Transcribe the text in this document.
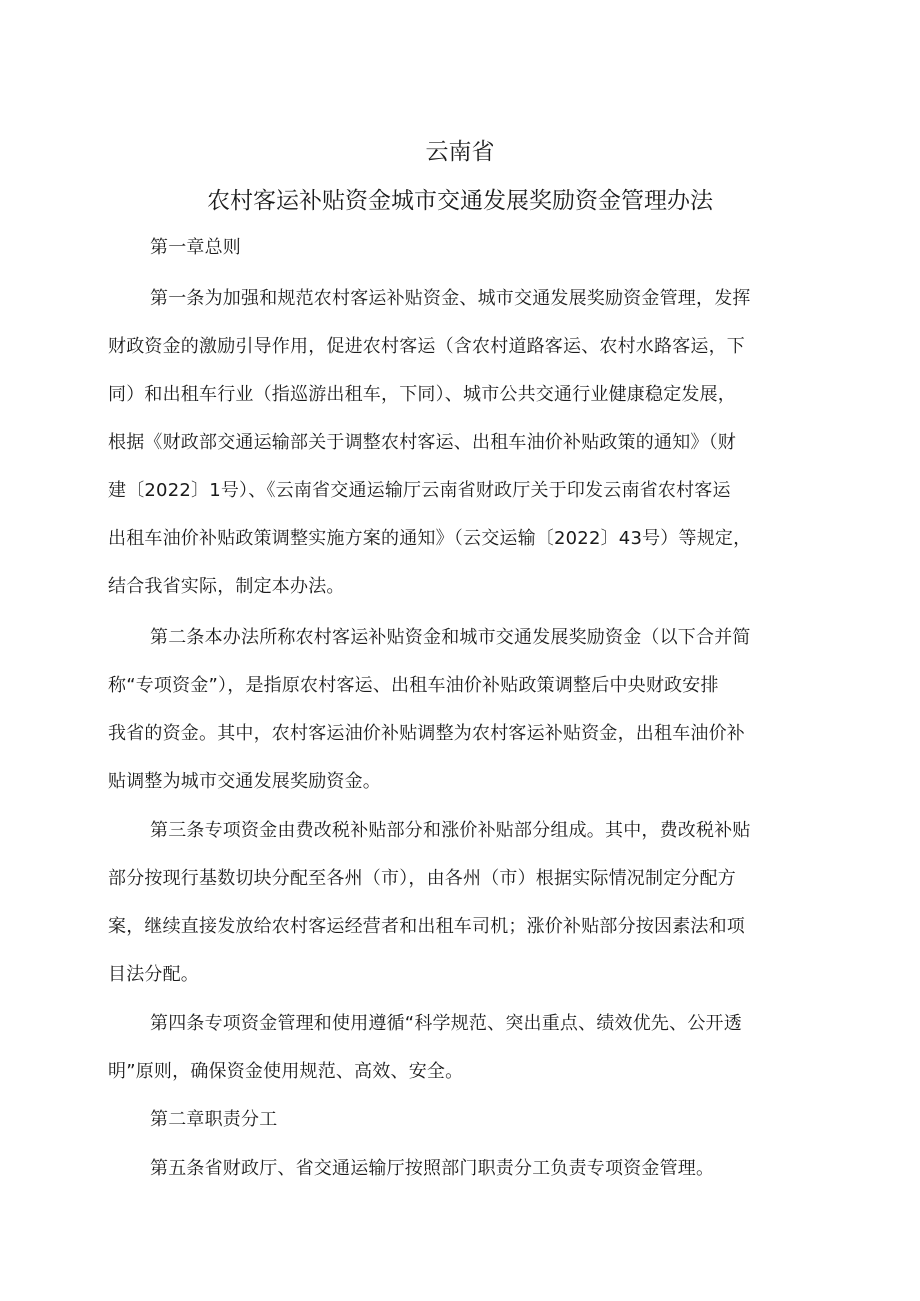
云南省
农村客运补贴资金城市交通发展奖励资金管理办法
第一章总则
第一条为加强和规范农村客运补贴资金、城市交通发展奖励资金管理，发挥
财政资金的激励引导作用，促进农村客运（含农村道路客运、农村水路客运，下
同）和出租车行业（指巡游出租车，下同）、城市公共交通行业健康稳定发展，
根据《财政部交通运输部关于调整农村客运、出租车油价补贴政策的通知》（财
建〔2022〕1号）、《云南省交通运输厅云南省财政厅关于印发云南省农村客运
出租车油价补贴政策调整实施方案的通知》（云交运输〔2022〕43号）等规定，
结合我省实际，制定本办法。
第二条本办法所称农村客运补贴资金和城市交通发展奖励资金（以下合并简
称“专项资金”），是指原农村客运、出租车油价补贴政策调整后中央财政安排
我省的资金。其中，农村客运油价补贴调整为农村客运补贴资金，出租车油价补
贴调整为城市交通发展奖励资金。
第三条专项资金由费改税补贴部分和涨价补贴部分组成。其中，费改税补贴
部分按现行基数切块分配至各州（市），由各州（市）根据实际情况制定分配方
案，继续直接发放给农村客运经营者和出租车司机；涨价补贴部分按因素法和项
目法分配。
第四条专项资金管理和使用遵循“科学规范、突出重点、绩效优先、公开透
明”原则，确保资金使用规范、高效、安全。
第二章职责分工
第五条省财政厅、省交通运输厅按照部门职责分工负责专项资金管理。
